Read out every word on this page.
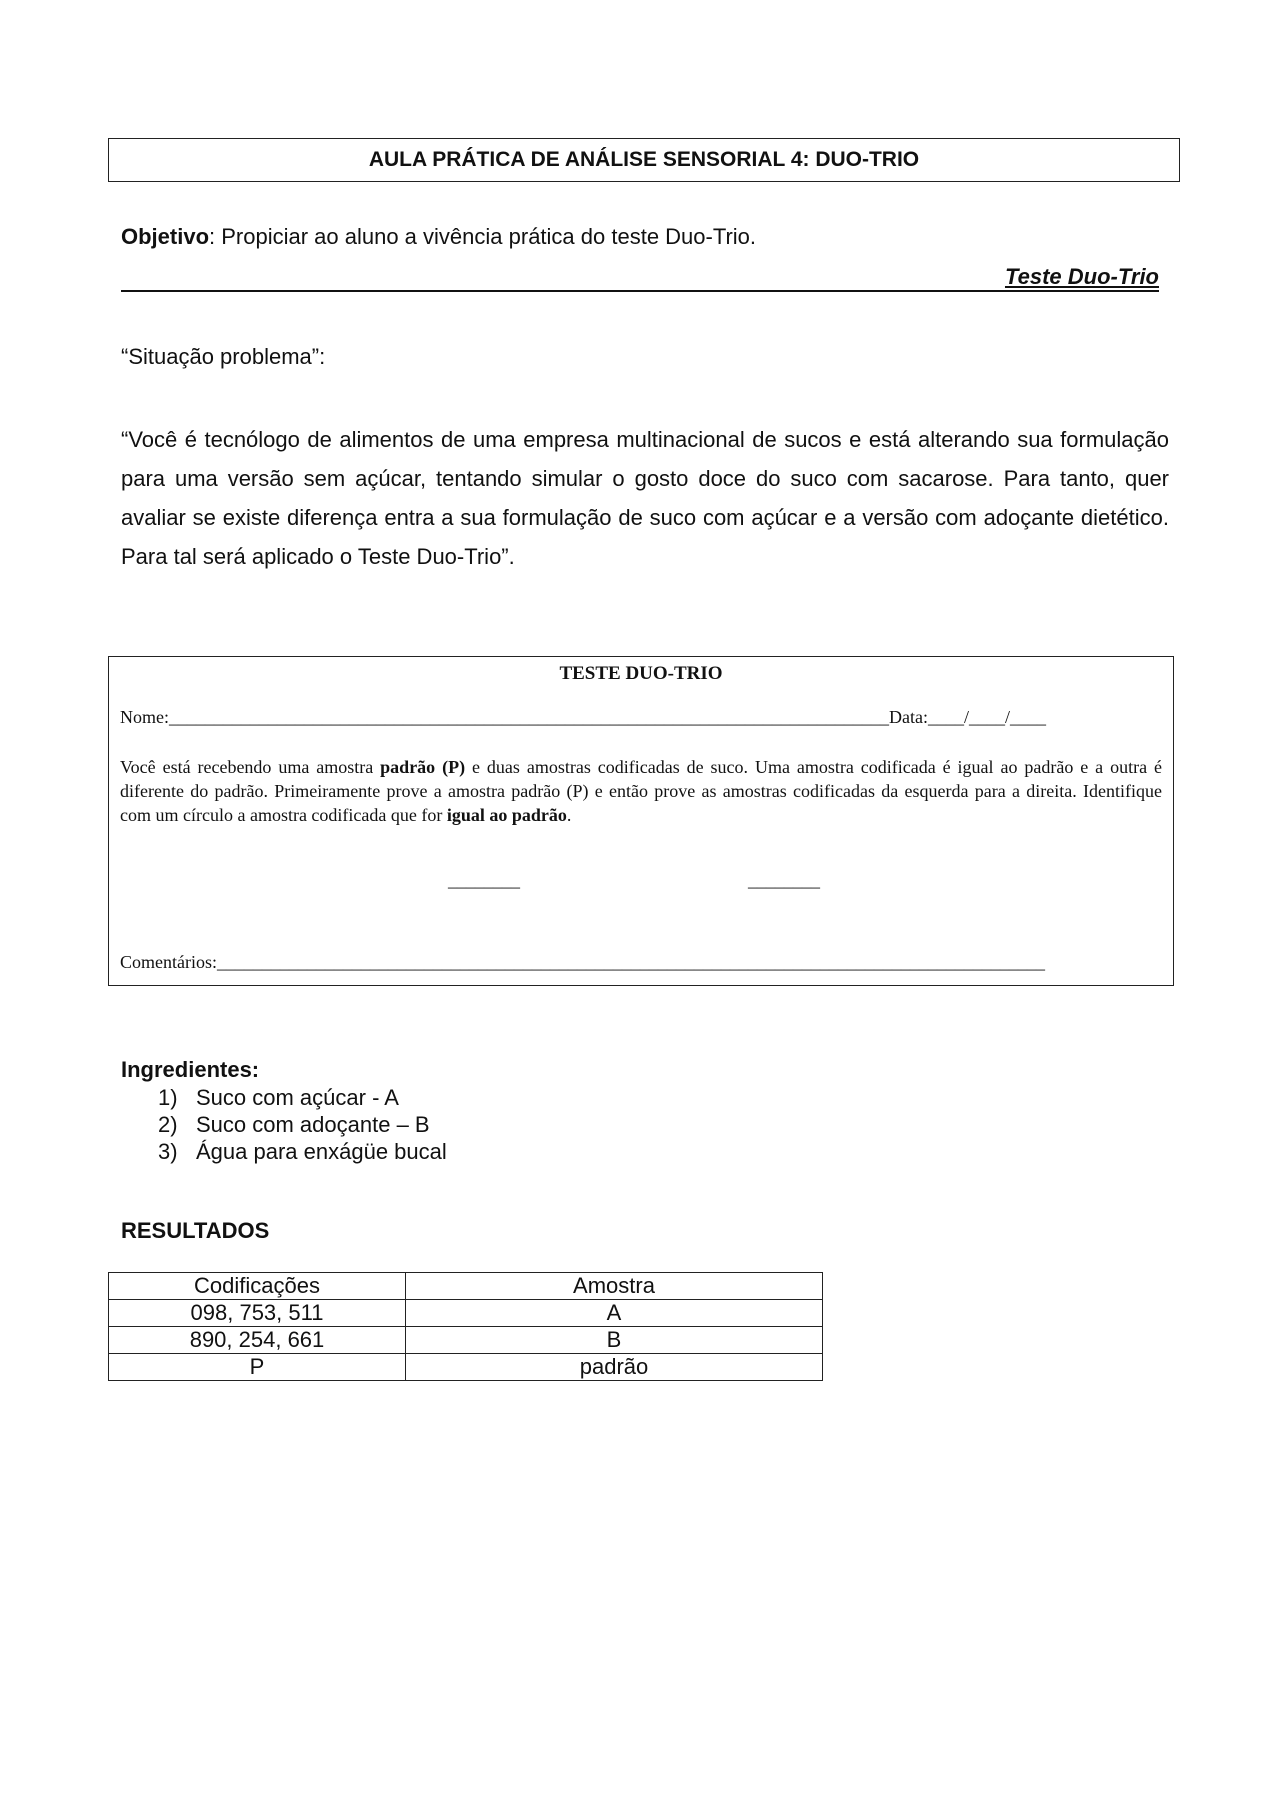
AULA PRÁTICA DE ANÁLISE SENSORIAL 4: DUO-TRIO
Objetivo: Propiciar ao aluno a vivência prática do teste Duo-Trio.
Teste Duo-Trio
“Situação problema”:

“Você é tecnólogo de alimentos de uma empresa multinacional de sucos e está alterando sua formulação para uma versão sem açúcar, tentando simular o gosto doce do suco com sacarose. Para tanto, quer avaliar se existe diferença entra a sua formulação de suco com açúcar e a versão com adoçante dietético. Para tal será aplicado o Teste Duo-Trio”.

TESTE DUO-TRIO
Nome:________________________________________________________________________________Data:____/____/____

Você está recebendo uma amostra padrão (P) e duas amostras codificadas de suco. Uma amostra codificada é igual ao padrão e a outra é diferente do padrão. Primeiramente prove a amostra padrão (P) e então prove as amostras codificadas da esquerda para a direita. Identifique com um círculo a amostra codificada que for igual ao padrão.

Comentários:____________________________________________________________________________________________
________	________
Ingredientes:
1) Suco com açúcar - A
2) Suco com adoçante – B
3) Água para enxágüe bucal
RESULTADOS
Codificações	Amostra
098, 753, 511	A
890, 254, 661	B
P	padrão
